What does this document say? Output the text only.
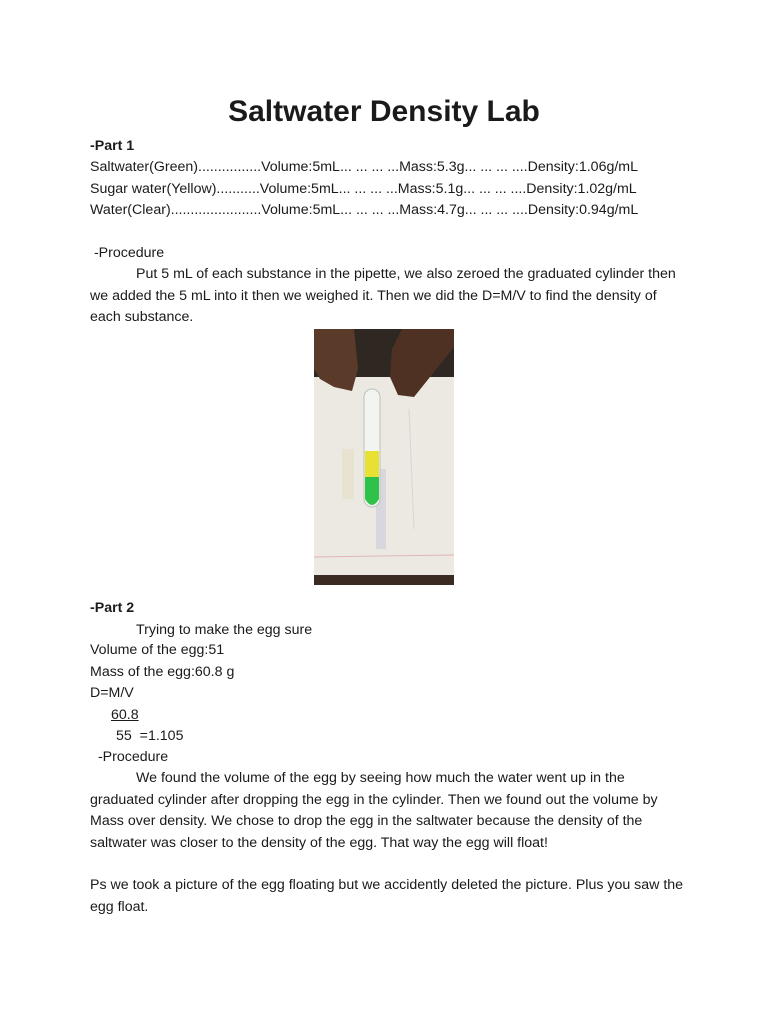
Saltwater Density Lab

-Part 1

Saltwater(Green)................Volume:5mL... ... ... ...Mass:5.3g... ... ... ....Density:1.06g/mL

Sugar water(Yellow)...........Volume:5mL... ... ... ...Mass:5.1g... ... ... ....Density:1.02g/mL

Water(Clear).......................Volume:5mL... ... ... ...Mass:4.7g... ... ... ....Density:0.94g/mL

-Procedure

Put 5 mL of each substance in the pipette, we also zeroed the graduated cylinder then we added the 5 mL into it then we weighed it. Then we did the D=M/V to find the density of each substance.

-Part 2

Trying to make the egg sure

Volume of the egg:51

Mass of the egg:60.8 g

D=M/V

60.8

55  =1.105

-Procedure

We found the volume of the egg by seeing how much the water went up in the graduated cylinder after dropping the egg in the cylinder. Then we found out the volume by Mass over density. We chose to drop the egg in the saltwater because the density of the saltwater was closer to the density of the egg. That way the egg will float!

Ps we took a picture of the egg floating but we accidently deleted the picture. Plus you saw the egg float.
